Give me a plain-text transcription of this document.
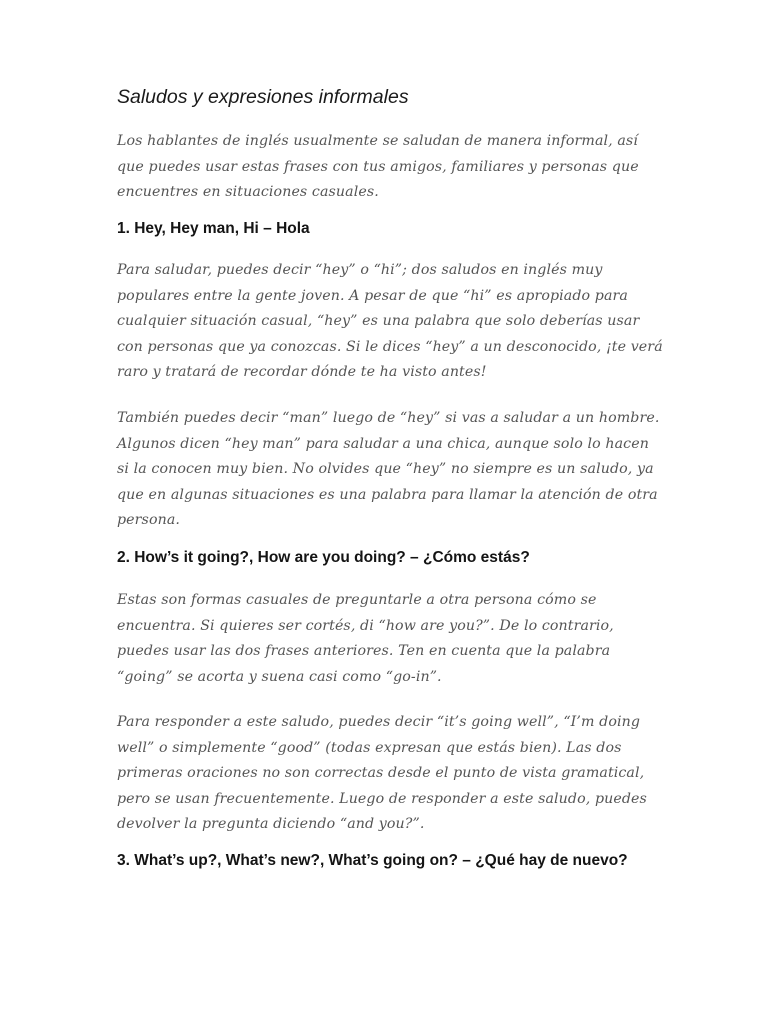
Saludos y expresiones informales

Los hablantes de inglés usualmente se saludan de manera informal, así que puedes usar estas frases con tus amigos, familiares y personas que encuentres en situaciones casuales.

1. Hey, Hey man, Hi – Hola

Para saludar, puedes decir “hey” o “hi”; dos saludos en inglés muy populares entre la gente joven. A pesar de que “hi” es apropiado para cualquier situación casual, “hey” es una palabra que solo deberías usar con personas que ya conozcas. Si le dices “hey” a un desconocido, ¡te verá raro y tratará de recordar dónde te ha visto antes!

También puedes decir “man” luego de “hey” si vas a saludar a un hombre. Algunos dicen “hey man” para saludar a una chica, aunque solo lo hacen si la conocen muy bien. No olvides que “hey” no siempre es un saludo, ya que en algunas situaciones es una palabra para llamar la atención de otra persona.

2. How’s it going?, How are you doing? – ¿Cómo estás?

Estas son formas casuales de preguntarle a otra persona cómo se encuentra. Si quieres ser cortés, di “how are you?”. De lo contrario, puedes usar las dos frases anteriores. Ten en cuenta que la palabra “going” se acorta y suena casi como “go-in”.

Para responder a este saludo, puedes decir “it’s going well”, “I’m doing well” o simplemente “good” (todas expresan que estás bien). Las dos primeras oraciones no son correctas desde el punto de vista gramatical, pero se usan frecuentemente. Luego de responder a este saludo, puedes devolver la pregunta diciendo “and you?”.

3. What’s up?, What’s new?, What’s going on? – ¿Qué hay de nuevo?
